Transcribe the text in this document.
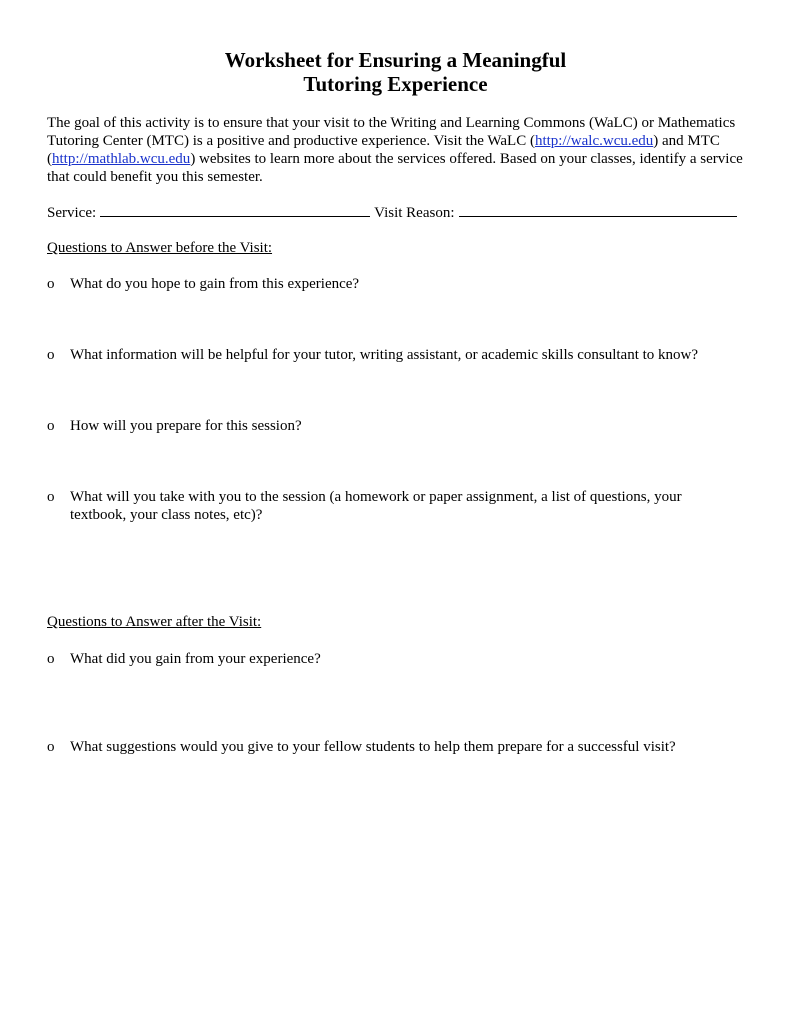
Worksheet for Ensuring a Meaningful
Tutoring Experience

The goal of this activity is to ensure that your visit to the Writing and Learning Commons (WaLC) or Mathematics Tutoring Center (MTC) is a positive and productive experience. Visit the WaLC (http://walc.wcu.edu) and MTC (http://mathlab.wcu.edu) websites to learn more about the services offered. Based on your classes, identify a service that could benefit you this semester.

Service:	Visit Reason:

Questions to Answer before the Visit:

o	What do you hope to gain from this experience?
o	What information will be helpful for your tutor, writing assistant, or academic skills consultant to know?
o	How will you prepare for this session?
o	What will you take with you to the session (a homework or paper assignment, a list of questions, your textbook, your class notes, etc)?

Questions to Answer after the Visit:

o	What did you gain from your experience?
o	What suggestions would you give to your fellow students to help them prepare for a successful visit?
